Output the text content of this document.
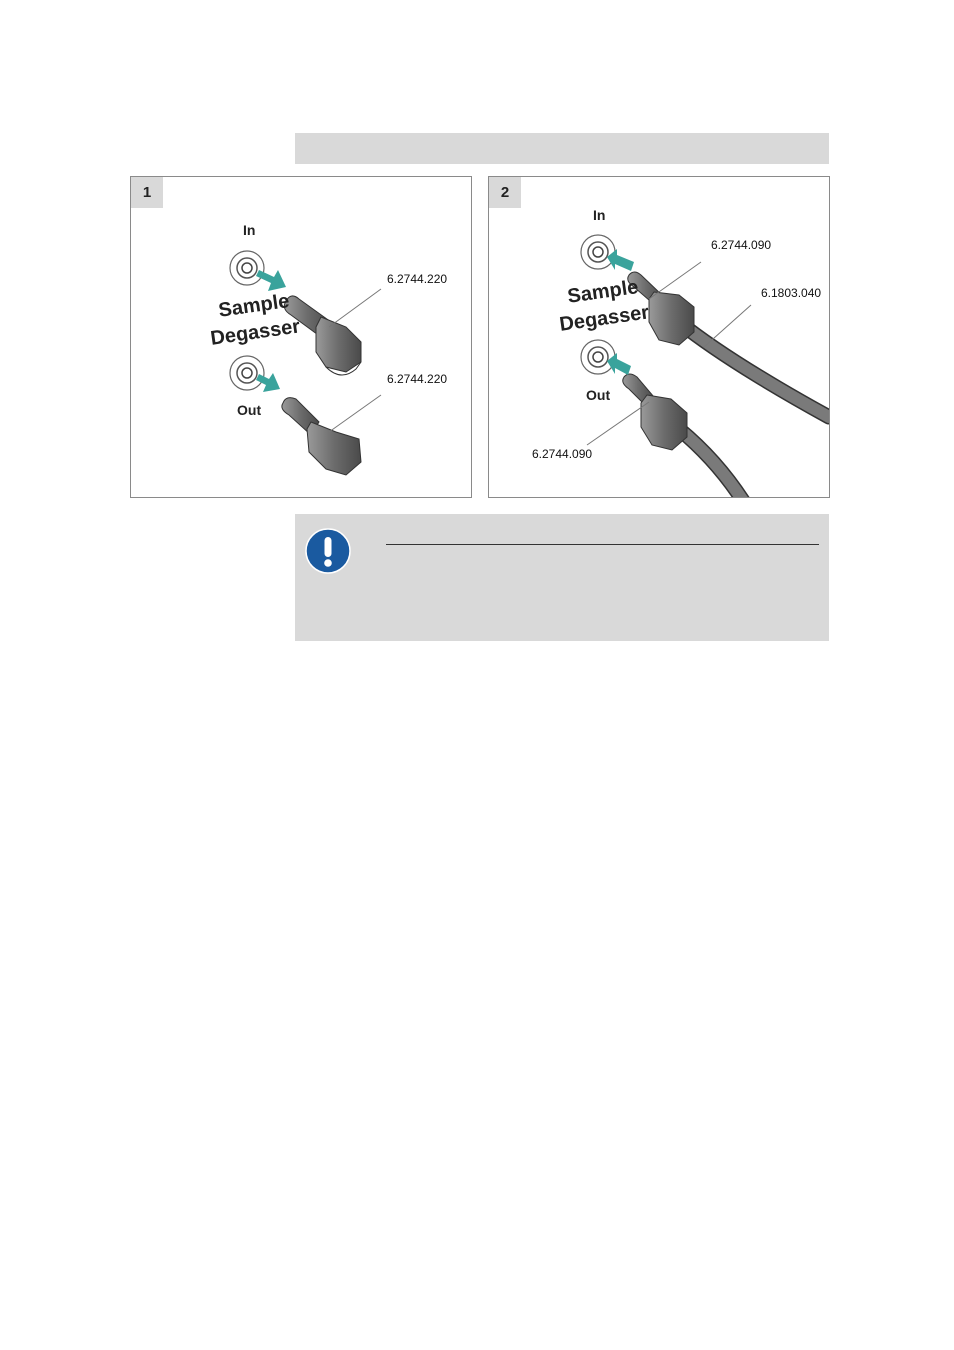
1
In
Sample
Degasser
Out
6.2744.220
6.2744.220
2
In
Sample
Degasser
Out
6.2744.090
6.1803.040
6.2744.090
